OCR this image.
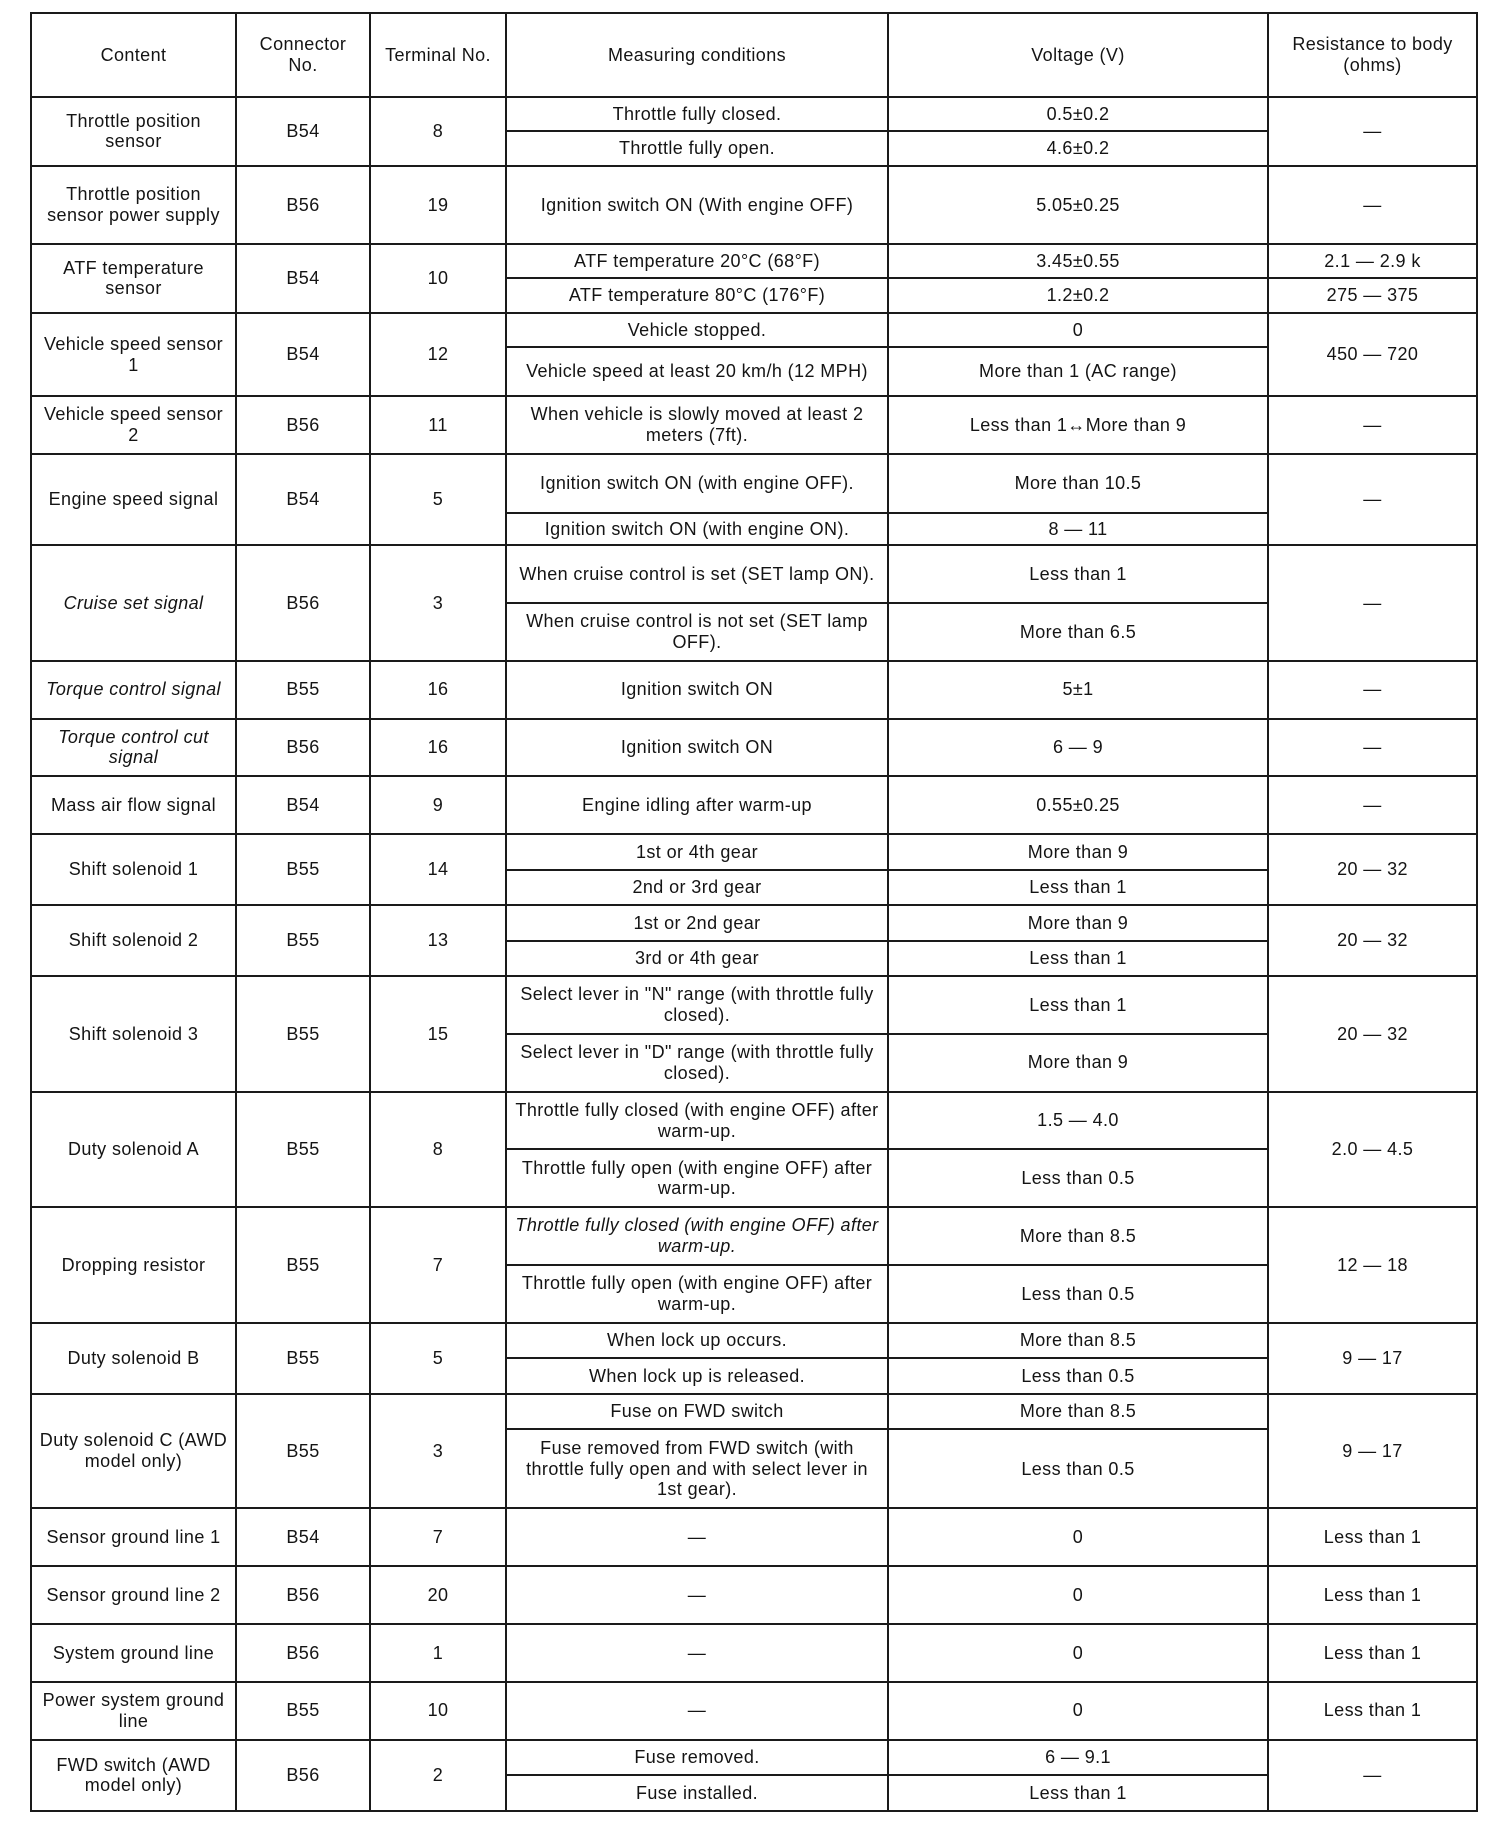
Content	Connector No.	Terminal No.	Measuring conditions	Voltage (V)	Resistance to body (ohms)
Throttle position sensor	B54	8	Throttle fully closed.	0.5±0.2	—
			Throttle fully open.	4.6±0.2	
Throttle position sensor power supply	B56	19	Ignition switch ON (With engine OFF)	5.05±0.25	—
ATF temperature sensor	B54	10	ATF temperature 20°C (68°F)	3.45±0.55	2.1 — 2.9 k
			ATF temperature 80°C (176°F)	1.2±0.2	275 — 375
Vehicle speed sensor 1	B54	12	Vehicle stopped.	0	450 — 720
			Vehicle speed at least 20 km/h (12 MPH)	More than 1 (AC range)	
Vehicle speed sensor 2	B56	11	When vehicle is slowly moved at least 2 meters (7ft).	Less than 1↔More than 9	—
Engine speed signal	B54	5	Ignition switch ON (with engine OFF).	More than 10.5	—
			Ignition switch ON (with engine ON).	8 — 11	
Cruise set signal	B56	3	When cruise control is set (SET lamp ON).	Less than 1	—
			When cruise control is not set (SET lamp OFF).	More than 6.5	
Torque control signal	B55	16	Ignition switch ON	5±1	—
Torque control cut signal	B56	16	Ignition switch ON	6 — 9	—
Mass air flow signal	B54	9	Engine idling after warm-up	0.55±0.25	—
Shift solenoid 1	B55	14	1st or 4th gear	More than 9	20 — 32
			2nd or 3rd gear	Less than 1	
Shift solenoid 2	B55	13	1st or 2nd gear	More than 9	20 — 32
			3rd or 4th gear	Less than 1	
Shift solenoid 3	B55	15	Select lever in "N" range (with throttle fully closed).	Less than 1	20 — 32
			Select lever in "D" range (with throttle fully closed).	More than 9	
Duty solenoid A	B55	8	Throttle fully closed (with engine OFF) after warm-up.	1.5 — 4.0	2.0 — 4.5
			Throttle fully open (with engine OFF) after warm-up.	Less than 0.5	
Dropping resistor	B55	7	Throttle fully closed (with engine OFF) after warm-up.	More than 8.5	12 — 18
			Throttle fully open (with engine OFF) after warm-up.	Less than 0.5	
Duty solenoid B	B55	5	When lock up occurs.	More than 8.5	9 — 17
			When lock up is released.	Less than 0.5	
Duty solenoid C (AWD model only)	B55	3	Fuse on FWD switch	More than 8.5	9 — 17
			Fuse removed from FWD switch (with throttle fully open and with select lever in 1st gear).	Less than 0.5	
Sensor ground line 1	B54	7	—	0	Less than 1
Sensor ground line 2	B56	20	—	0	Less than 1
System ground line	B56	1	—	0	Less than 1
Power system ground line	B55	10	—	0	Less than 1
FWD switch (AWD model only)	B56	2	Fuse removed.	6 — 9.1	—
			Fuse installed.	Less than 1	
